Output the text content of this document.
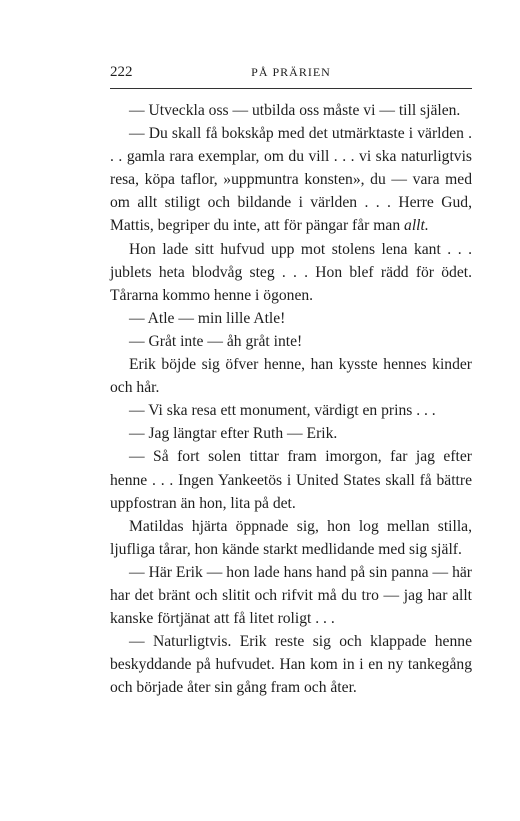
222	PÅ PRÄRIEN

— Utveckla oss — utbilda oss måste vi — till själen.

— Du skall få bokskåp med det utmärktaste i världen . . . gamla rara exemplar, om du vill . . . vi ska naturligtvis resa, köpa taflor, »uppmuntra konsten», du — vara med om allt stiligt och bildande i världen . . . Herre Gud, Mattis, begriper du inte, att för pängar får man allt.

Hon lade sitt hufvud upp mot stolens lena kant . . . jublets heta blodvåg steg . . . Hon blef rädd för ödet. Tårarna kommo henne i ögonen.

— Atle — min lille Atle!

— Gråt inte — åh gråt inte!

Erik böjde sig öfver henne, han kysste hennes kinder och hår.

— Vi ska resa ett monument, värdigt en prins . . .

— Jag längtar efter Ruth — Erik.

— Så fort solen tittar fram imorgon, far jag efter henne . . . Ingen Yankeetös i United States skall få bättre uppfostran än hon, lita på det.

Matildas hjärta öppnade sig, hon log mellan stilla, ljufliga tårar, hon kände starkt medlidande med sig själf.

— Här Erik — hon lade hans hand på sin panna — här har det bränt och slitit och rifvit må du tro — jag har allt kanske förtjänat att få litet roligt . . .

— Naturligtvis. Erik reste sig och klappade henne beskyddande på hufvudet. Han kom in i en ny tankegång och började åter sin gång fram och åter.
